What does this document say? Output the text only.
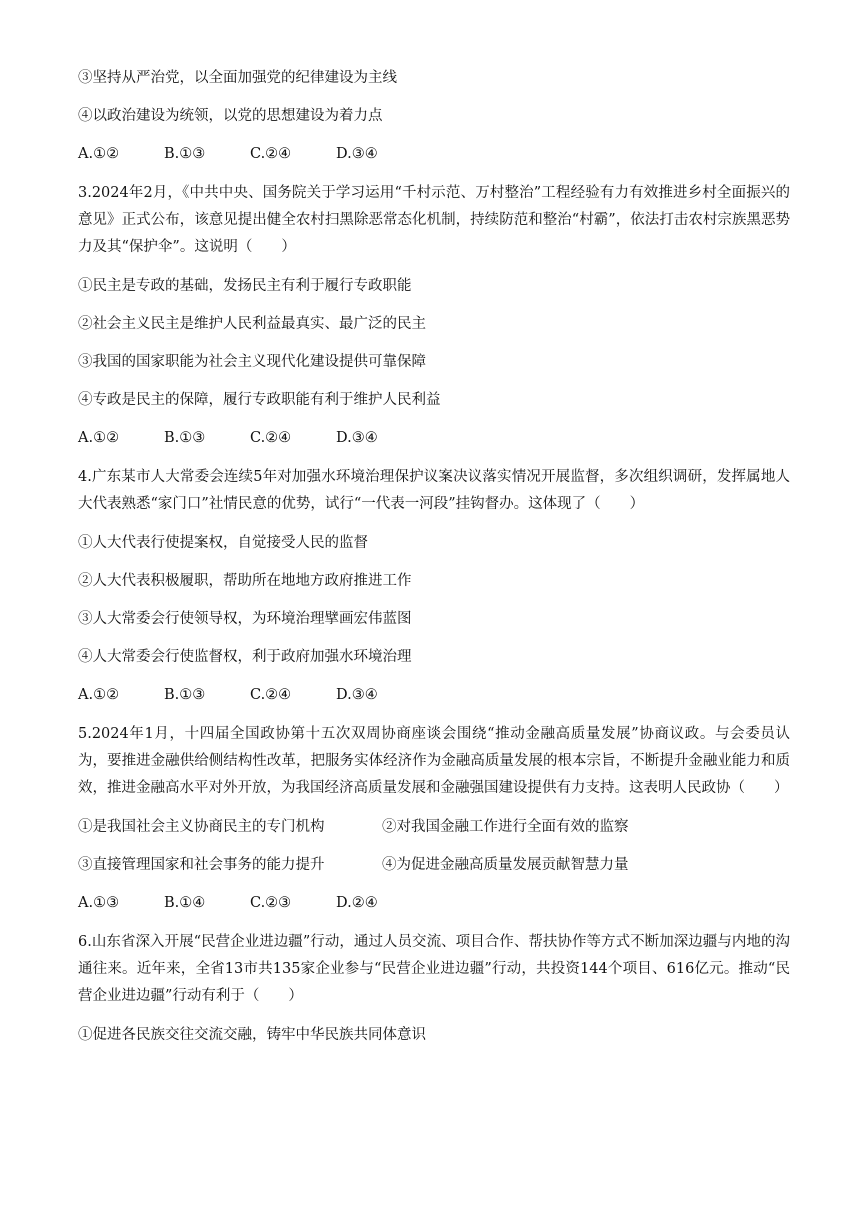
③坚持从严治党，以全面加强党的纪律建设为主线

④以政治建设为统领，以党的思想建设为着力点

A.①②	B.①③	C.②④	D.③④

3.2024年2月，《中共中央、国务院关于学习运用“千村示范、万村整治”工程经验有力有效推进乡村全面振兴的意见》正式公布，该意见提出健全农村扫黑除恶常态化机制，持续防范和整治“村霸”，依法打击农村宗族黑恶势力及其“保护伞”。这说明（　　）

①民主是专政的基础，发扬民主有利于履行专政职能

②社会主义民主是维护人民利益最真实、最广泛的民主

③我国的国家职能为社会主义现代化建设提供可靠保障

④专政是民主的保障，履行专政职能有利于维护人民利益

A.①②	B.①③	C.②④	D.③④

4.广东某市人大常委会连续5年对加强水环境治理保护议案决议落实情况开展监督，多次组织调研，发挥属地人大代表熟悉“家门口”社情民意的优势，试行“一代表一河段”挂钩督办。这体现了（　　）

①人大代表行使提案权，自觉接受人民的监督

②人大代表积极履职，帮助所在地地方政府推进工作

③人大常委会行使领导权，为环境治理擘画宏伟蓝图

④人大常委会行使监督权，利于政府加强水环境治理

A.①②	B.①③	C.②④	D.③④

5.2024年1月，十四届全国政协第十五次双周协商座谈会围绕“推动金融高质量发展”协商议政。与会委员认为，要推进金融供给侧结构性改革，把服务实体经济作为金融高质量发展的根本宗旨，不断提升金融业能力和质效，推进金融高水平对外开放，为我国经济高质量发展和金融强国建设提供有力支持。这表明人民政协（　　）

①是我国社会主义协商民主的专门机构	②对我国金融工作进行全面有效的监察
③直接管理国家和社会事务的能力提升	④为促进金融高质量发展贡献智慧力量
A.①③	B.①④	C.②③	D.②④

6.山东省深入开展“民营企业进边疆”行动，通过人员交流、项目合作、帮扶协作等方式不断加深边疆与内地的沟通往来。近年来，全省13市共135家企业参与“民营企业进边疆”行动，共投资144个项目、616亿元。推动“民营企业进边疆”行动有利于（　　）

①促进各民族交往交流交融，铸牢中华民族共同体意识
